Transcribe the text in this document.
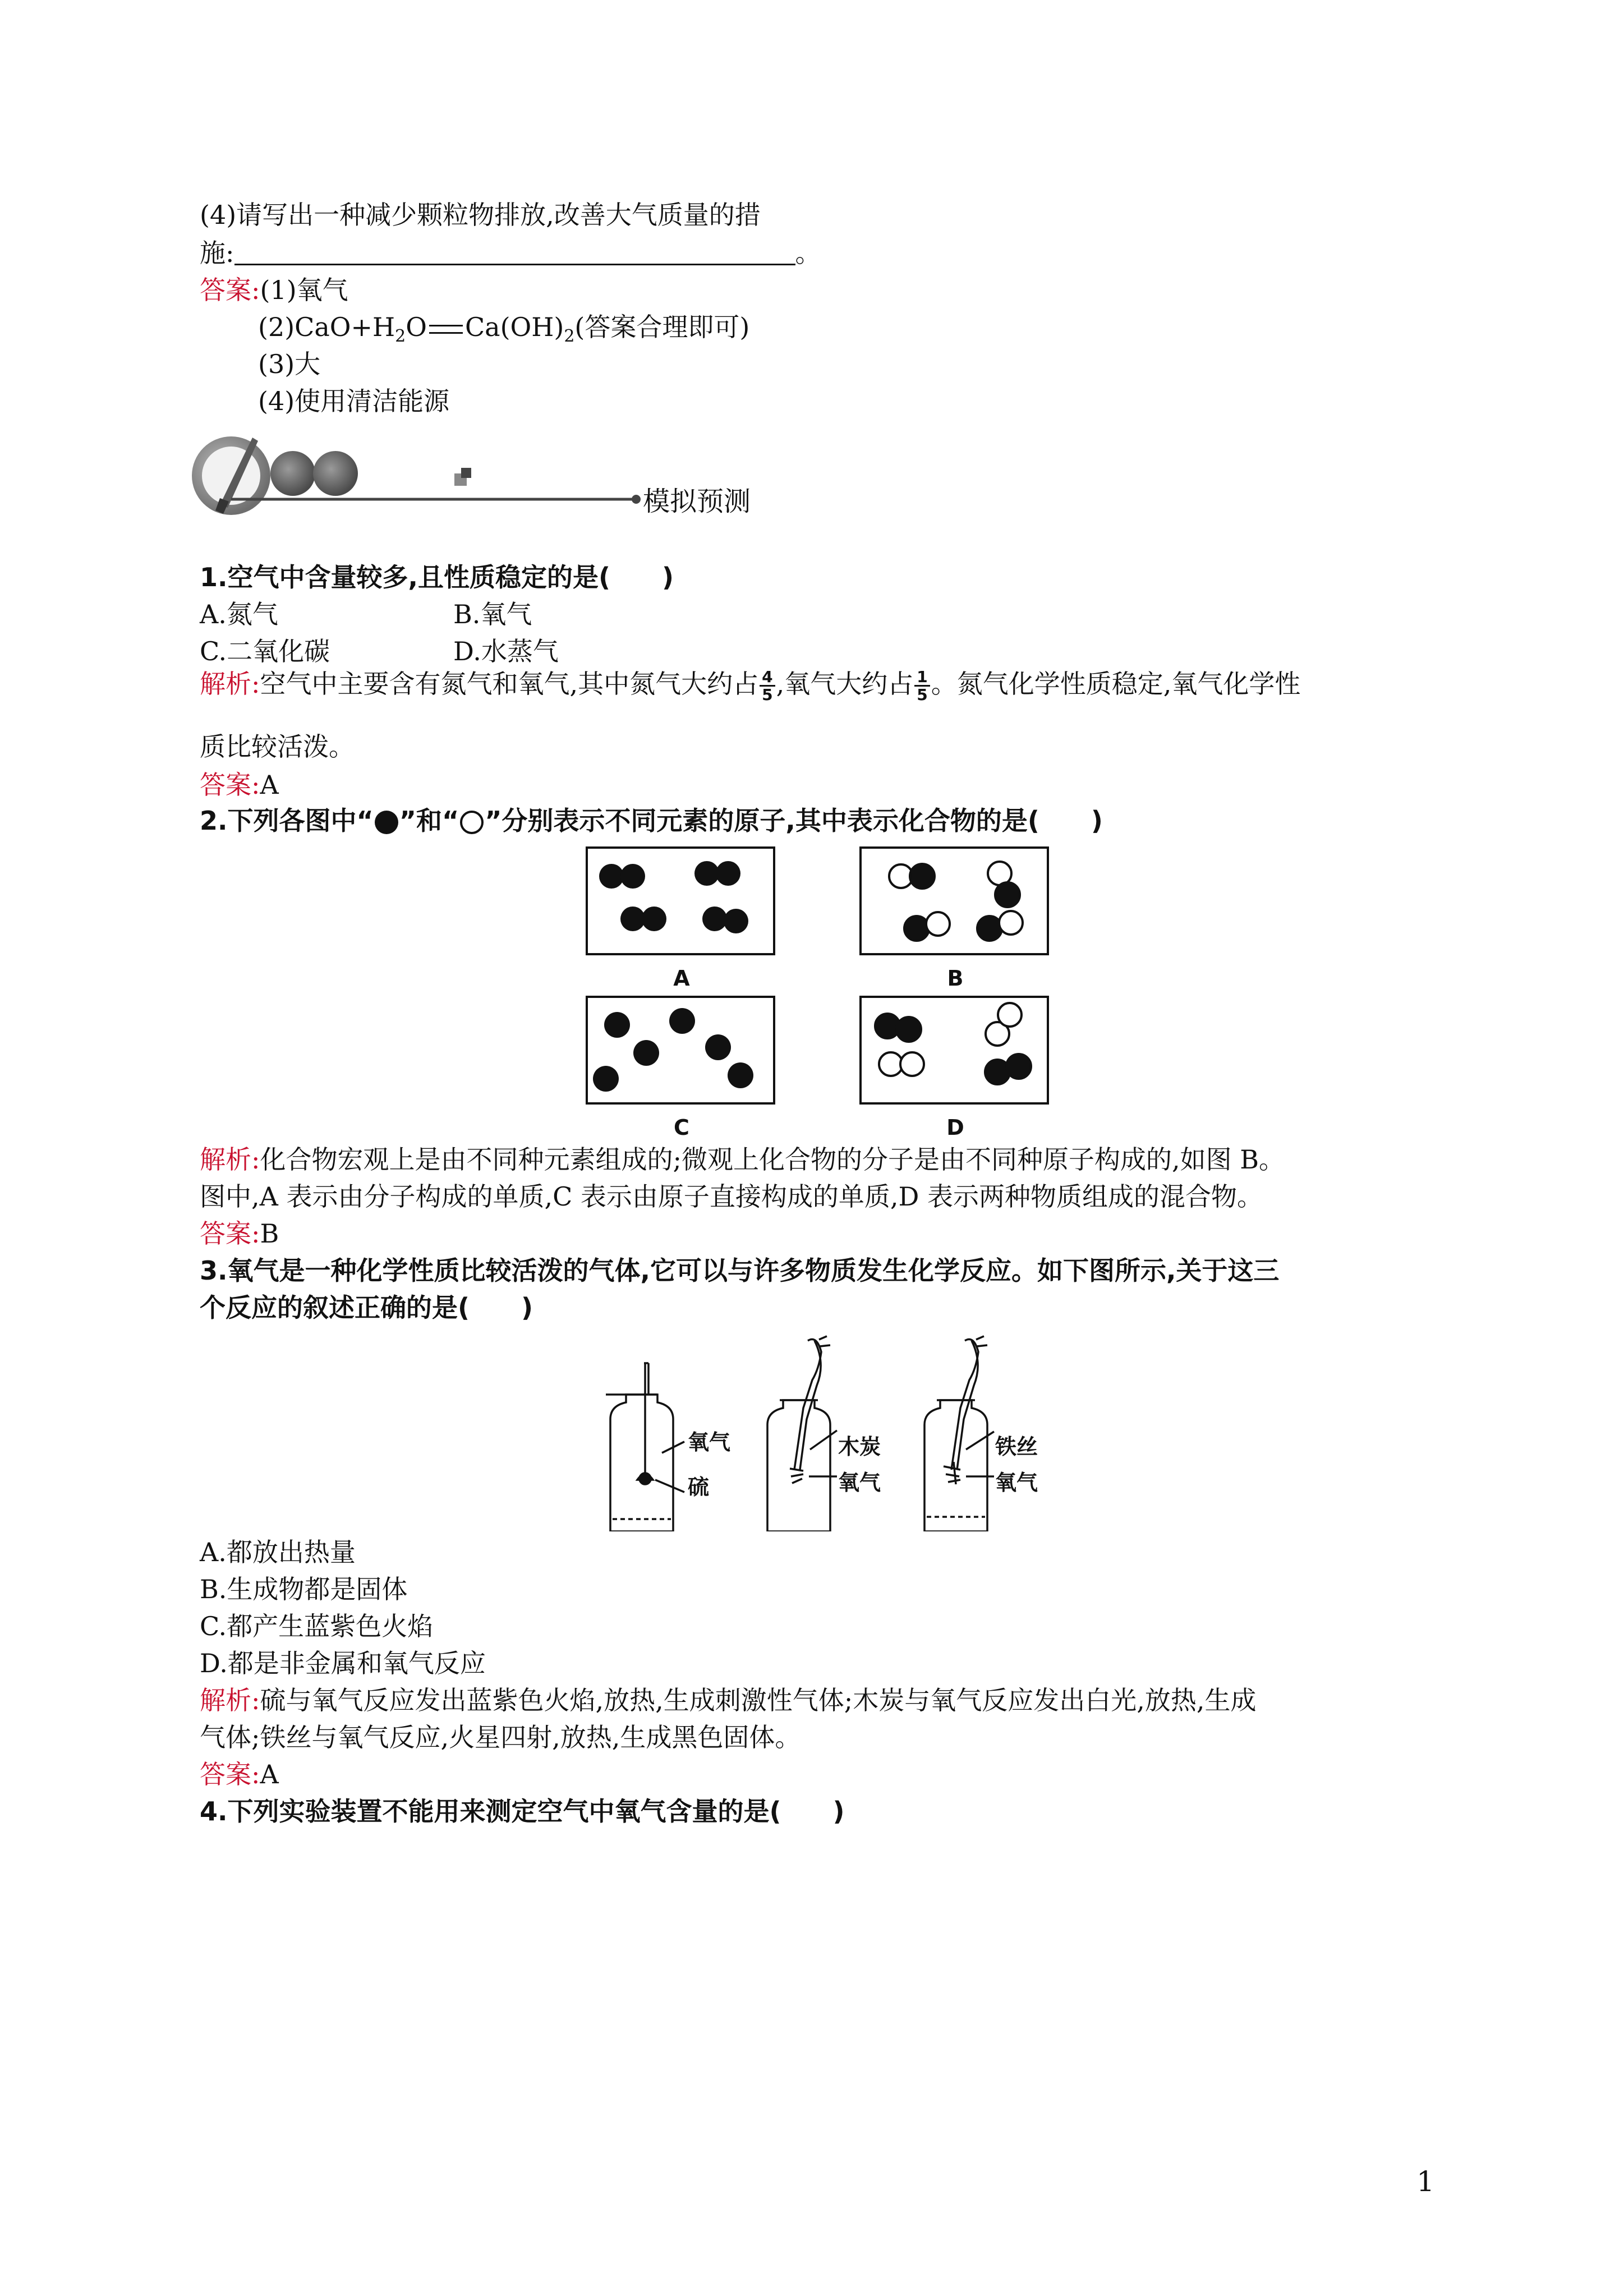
(4)请写出一种减少颗粒物排放,改善大气质量的措
施:	。
答案:(1)氧气
$(2)CaO+H_2O$ $Ca(OH)_2$(答案合理即可)
(3)大
(4)使用清洁能源
模拟预测
1.空气中含量较多,且性质稳定的是(　　)
A.氮气	B.氧气
C.二氧化碳	D.水蒸气
解析:空气中主要含有氮气和氧气,其中氮气大约占 $\frac{4}{5}$ ,氧气大约占 $\frac{1}{5}$ 。氮气化学性质稳定,氧气化学性
质比较活泼。
答案:A
2.下列各图中“ ”和“ ”分别表示不同元素的原子,其中表示化合物的是(　　)
A	B
C	D
解析:化合物宏观上是由不同种元素组成的;微观上化合物的分子是由不同种原子构成的,如图 B。
图中,A 表示由分子构成的单质,C 表示由原子直接构成的单质,D 表示两种物质组成的混合物。
答案:B
3.氧气是一种化学性质比较活泼的气体,它可以与许多物质发生化学反应。如下图所示,关于这三
个反应的叙述正确的是(　　)
氧气
硫
木炭
氧气
铁丝
氧气
A.都放出热量
B.生成物都是固体
C.都产生蓝紫色火焰
D.都是非金属和氧气反应
解析:硫与氧气反应发出蓝紫色火焰,放热,生成刺激性气体;木炭与氧气反应发出白光,放热,生成
气体;铁丝与氧气反应,火星四射,放热,生成黑色固体。
答案:A
4.下列实验装置不能用来测定空气中氧气含量的是(　　)
1
